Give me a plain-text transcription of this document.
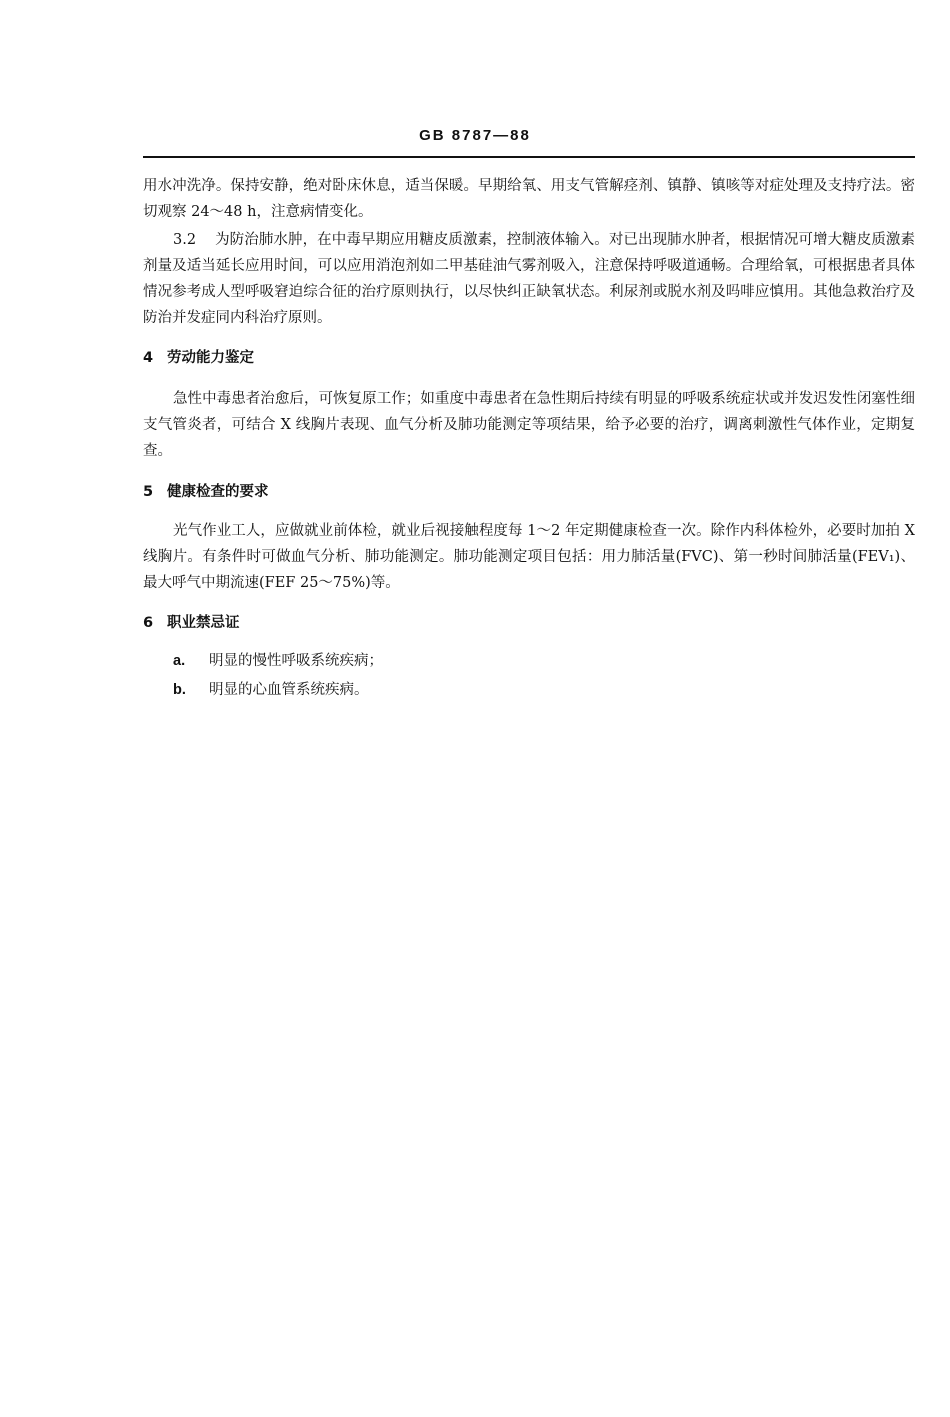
GB 8787—88

用水冲洗净。保持安静，绝对卧床休息，适当保暖。早期给氧、用支气管解痉剂、镇静、镇咳等对症处理及支持疗法。密切观察 24～48 h，注意病情变化。

3.2 为防治肺水肿，在中毒早期应用糖皮质激素，控制液体输入。对已出现肺水肿者，根据情况可增大糖皮质激素剂量及适当延长应用时间，可以应用消泡剂如二甲基硅油气雾剂吸入，注意保持呼吸道通畅。合理给氧，可根据患者具体情况参考成人型呼吸窘迫综合征的治疗原则执行，以尽快纠正缺氧状态。利尿剂或脱水剂及吗啡应慎用。其他急救治疗及防治并发症同内科治疗原则。

4 劳动能力鉴定

急性中毒患者治愈后，可恢复原工作；如重度中毒患者在急性期后持续有明显的呼吸系统症状或并发迟发性闭塞性细支气管炎者，可结合 X 线胸片表现、血气分析及肺功能测定等项结果，给予必要的治疗，调离刺激性气体作业，定期复查。

5 健康检查的要求

光气作业工人，应做就业前体检，就业后视接触程度每 1～2 年定期健康检查一次。除作内科体检外，必要时加拍 X 线胸片。有条件时可做血气分析、肺功能测定。肺功能测定项目包括：用力肺活量(FVC)、第一秒时间肺活量(FEV₁)、最大呼气中期流速(FEF 25～75%)等。

6 职业禁忌证
a. 明显的慢性呼吸系统疾病；
b. 明显的心血管系统疾病。
